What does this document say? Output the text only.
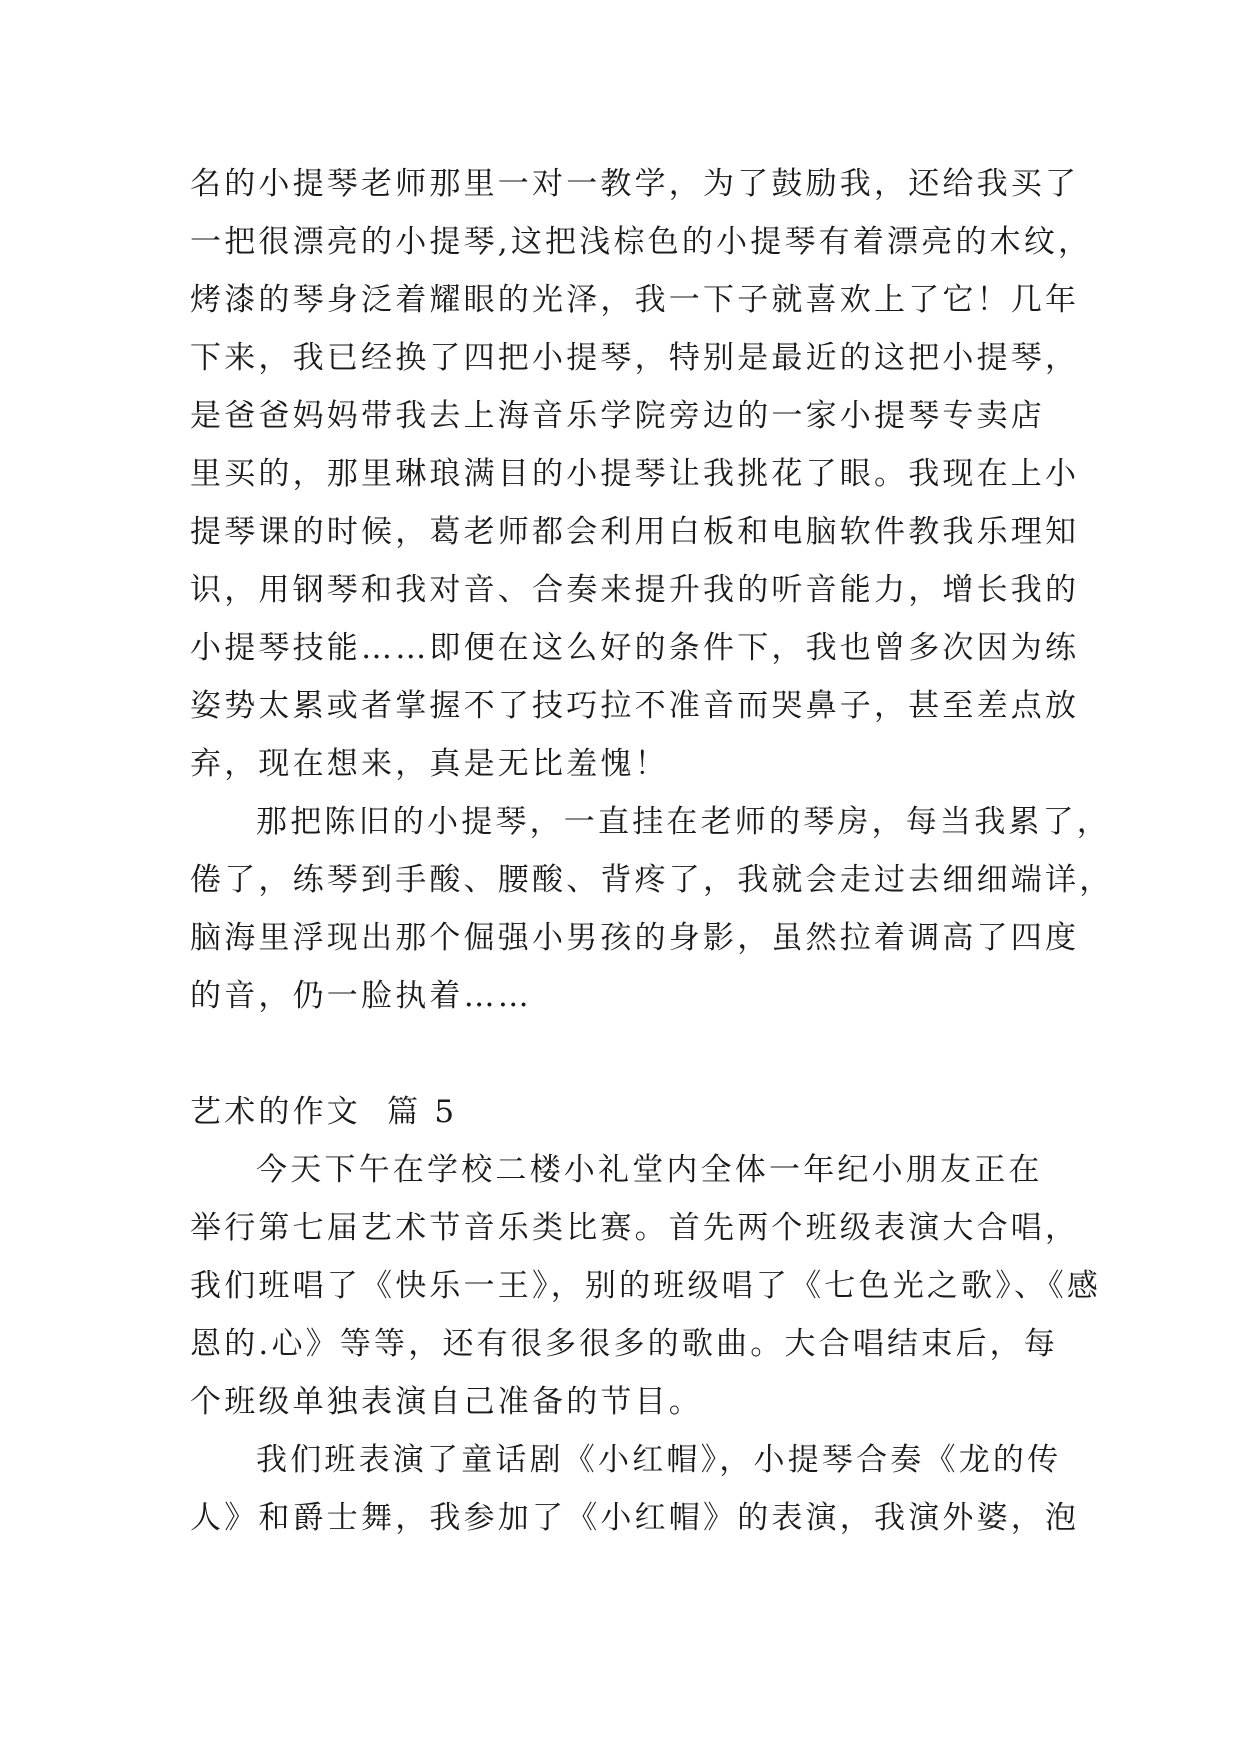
名的小提琴老师那里一对一教学，为了鼓励我，还给我买了
一把很漂亮的小提琴,这把浅棕色的小提琴有着漂亮的木纹，
烤漆的琴身泛着耀眼的光泽，我一下子就喜欢上了它！几年
下来，我已经换了四把小提琴，特别是最近的这把小提琴，
是爸爸妈妈带我去上海音乐学院旁边的一家小提琴专卖店
里买的，那里琳琅满目的小提琴让我挑花了眼。我现在上小
提琴课的时候，葛老师都会利用白板和电脑软件教我乐理知
识，用钢琴和我对音、合奏来提升我的听音能力，增长我的
小提琴技能……即便在这么好的条件下，我也曾多次因为练
姿势太累或者掌握不了技巧拉不准音而哭鼻子，甚至差点放
弃，现在想来，真是无比羞愧！
那把陈旧的小提琴，一直挂在老师的琴房，每当我累了，
倦了，练琴到手酸、腰酸、背疼了，我就会走过去细细端详，
脑海里浮现出那个倔强小男孩的身影，虽然拉着调高了四度
的音，仍一脸执着……
艺术的作文  篇 5
今天下午在学校二楼小礼堂内全体一年纪小朋友正在
举行第七届艺术节音乐类比赛。首先两个班级表演大合唱，
我们班唱了《快乐一王》，别的班级唱了《七色光之歌》、《感
恩的.心》等等，还有很多很多的歌曲。大合唱结束后，每
个班级单独表演自己准备的节目。
我们班表演了童话剧《小红帽》，小提琴合奏《龙的传
人》和爵士舞，我参加了《小红帽》的表演，我演外婆，泡
